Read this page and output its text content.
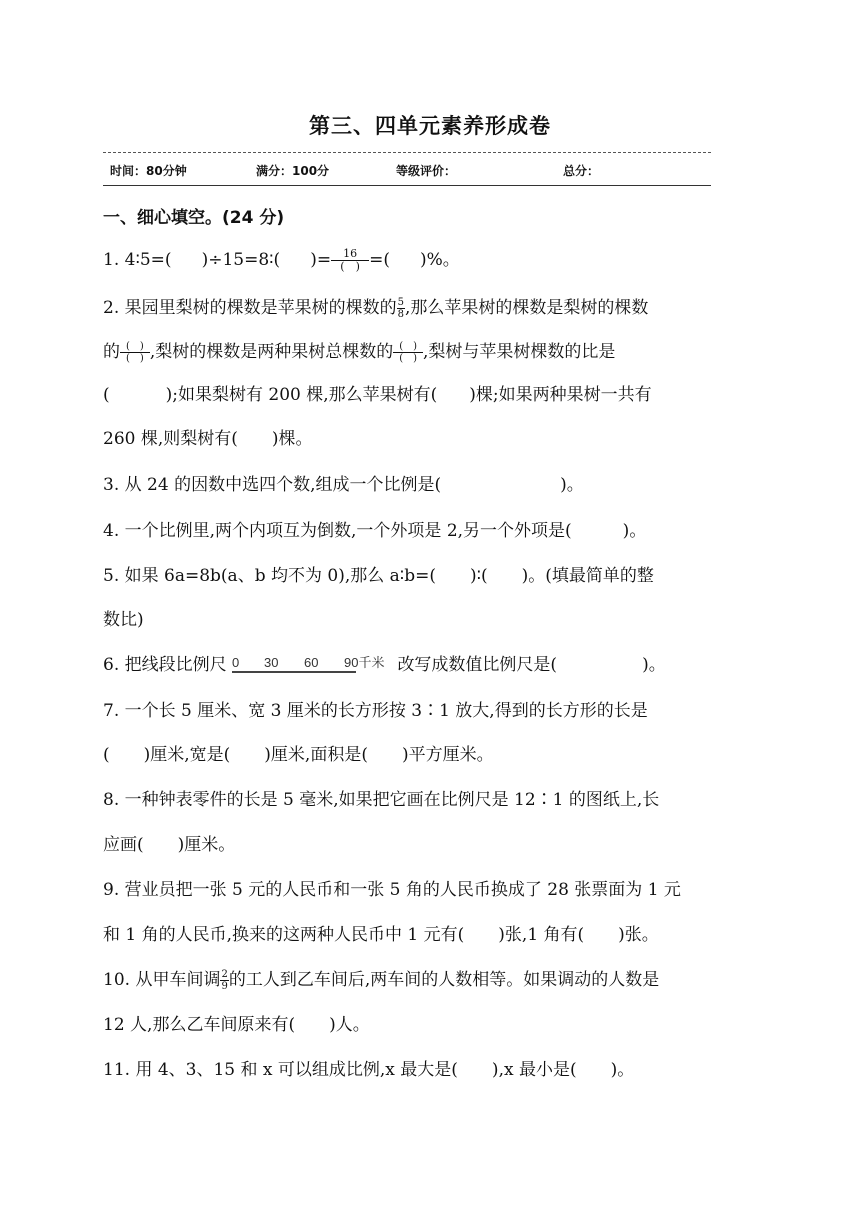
第三、四单元素养形成卷
时间：80分钟	满分：100分	等级评价：	总分：
一、细心填空。(24 分)
1. 4∶5=( )÷15=8∶( )= $\frac{16}{( )}$ =( )%。
2. 果园里梨树的棵数是苹果树的棵数的 $\frac{5}{8}$ ,那么苹果树的棵数是梨树的棵数
的 $\frac{( )}{( )}$ ,梨树的棵数是两种果树总棵数的 $\frac{( )}{( )}$ ,梨树与苹果树棵数的比是
(	);如果梨树有 200 棵,那么苹果树有( )棵;如果两种果树一共有
260 棵,则梨树有(　　)棵。
3. 从 24 的因数中选四个数,组成一个比例是(　　　　　　　)。
4. 一个比例里,两个内项互为倒数,一个外项是 2,另一个外项是(　　　)。
5. 如果 6a=8b(a、b 均不为 0),那么 a∶b=(　　)∶(　　)。(填最简单的整
数比)
6. 把线段比例尺 0 30 60 90千米 改写成数值比例尺是(　　　　　)。
7. 一个长 5 厘米、宽 3 厘米的长方形按 3∶1 放大,得到的长方形的长是
(　　)厘米,宽是(　　)厘米,面积是(　　)平方厘米。
8. 一种钟表零件的长是 5 毫米,如果把它画在比例尺是 12∶1 的图纸上,长
应画(　　)厘米。
9. 营业员把一张 5 元的人民币和一张 5 角的人民币换成了 28 张票面为 1 元
和 1 角的人民币,换来的这两种人民币中 1 元有(　　)张,1 角有(　　)张。
10. 从甲车间调 $\frac{2}{9}$ 的工人到乙车间后,两车间的人数相等。如果调动的人数是
12 人,那么乙车间原来有(　　)人。
11. 用 4、3、15 和 x 可以组成比例,x 最大是(　　),x 最小是(　　)。
